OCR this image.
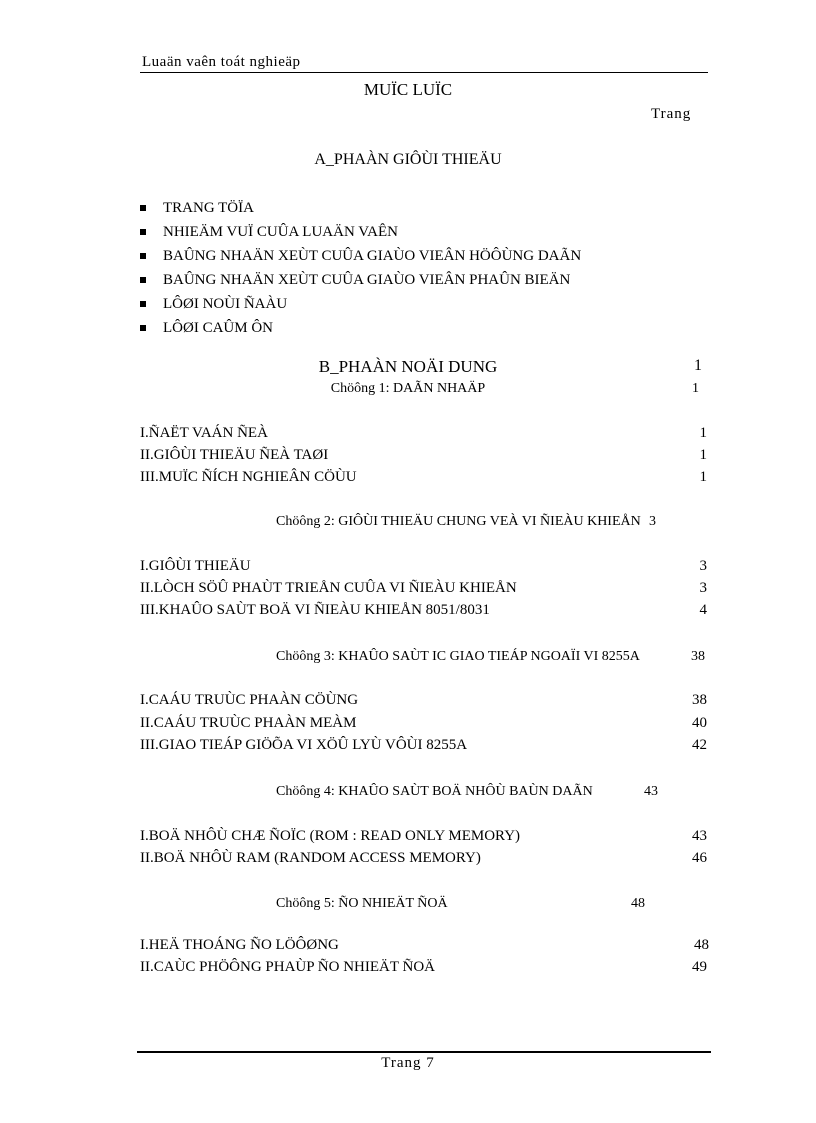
Luaän vaên toát nghieäp
MUÏC LUÏC
Trang
A_PHAÀN GIÔÙI THIEÄU
TRANG TÖÏA
NHIEÄM VUÏ CUÛA LUAÄN VAÊN
BAÛNG NHAÄN XEÙT CUÛA GIAÙO VIEÂN HÖÔÙNG DAÃN
BAÛNG NHAÄN XEÙT CUÛA GIAÙO VIEÂN PHAÛN BIEÄN
LÔØI NOÙI ÑAÀU
LÔØI CAÛM ÔN
B_PHAÀN NOÄI DUNG	1
Chöông 1: DAÃN NHAÄP	1
I.ÑAËT VAÁN ÑEÀ	1
II.GIÔÙI THIEÄU ÑEÀ TAØI	1
III.MUÏC ÑÍCH NGHIEÂN CÖÙU	1
Chöông 2: GIÔÙI THIEÄU CHUNG VEÀ VI ÑIEÀU KHIEÅN 3
I.GIÔÙI THIEÄU	3
II.LÒCH SÖÛ PHAÙT TRIEÅN CUÛA VI ÑIEÀU KHIEÅN	3
III.KHAÛO SAÙT BOÄ VI ÑIEÀU KHIEÅN 8051/8031	4
Chöông 3: KHAÛO SAÙT IC GIAO TIEÁP NGOAÏI VI 8255A	38
I.CAÁU TRUÙC PHAÀN CÖÙNG	38
II.CAÁU TRUÙC PHAÀN MEÀM	40
III.GIAO TIEÁP GIÖÕA VI XÖÛ LYÙ VÔÙI 8255A	42
Chöông 4: KHAÛO SAÙT BOÄ NHÔÙ BAÙN DAÃN	43
I.BOÄ NHÔÙ CHÆ ÑOÏC (ROM : READ ONLY MEMORY)	43
II.BOÄ NHÔÙ RAM (RANDOM ACCESS MEMORY)	46
Chöông 5: ÑO NHIEÄT ÑOÄ	48
I.HEÄ THOÁNG ÑO LÖÔØNG	48
II.CAÙC PHÖÔNG PHAÙP ÑO NHIEÄT ÑOÄ	49
Trang 7
